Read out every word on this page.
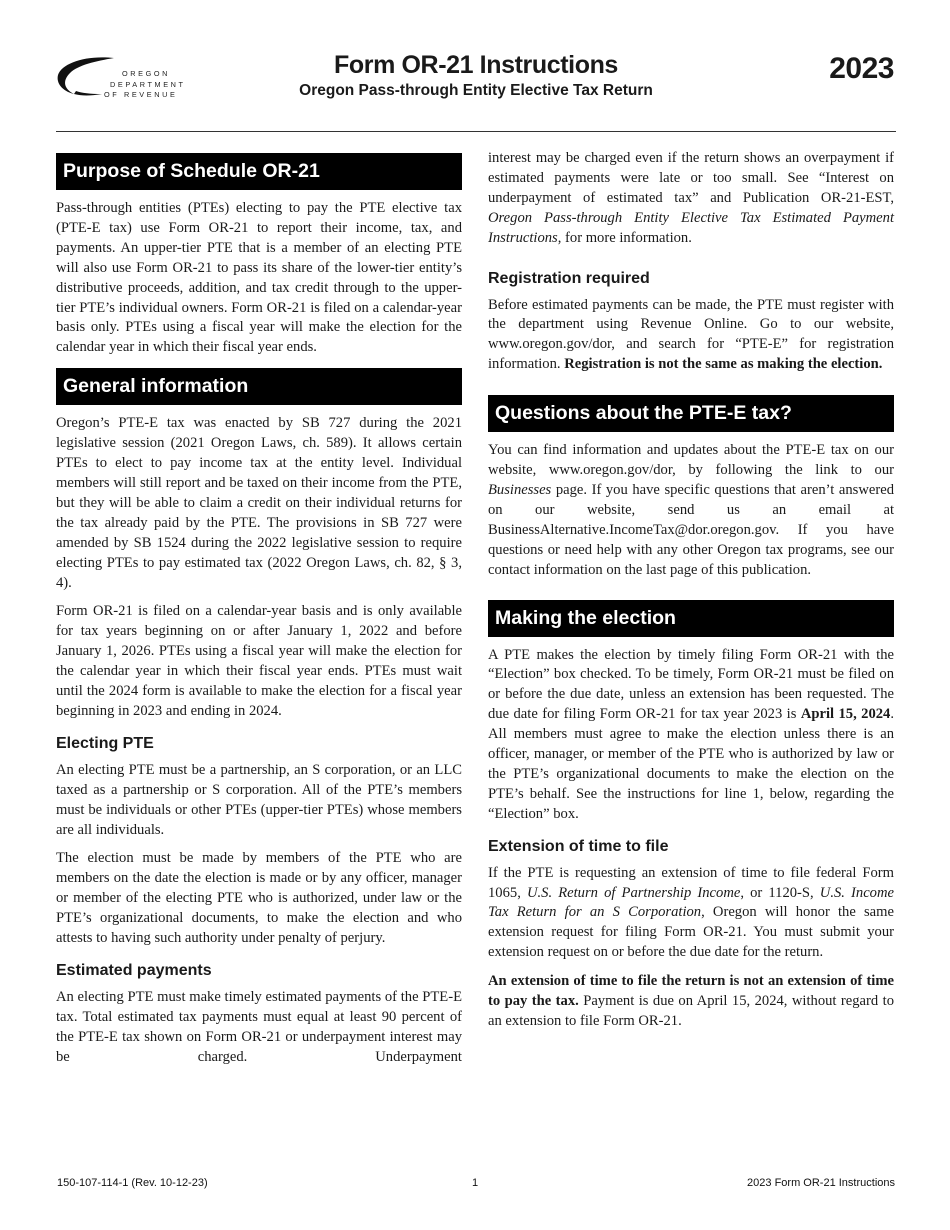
OREGON
DEPARTMENT
OF REVENUE
Form OR-21 Instructions
Oregon Pass-through Entity Elective Tax Return
2023
Purpose of Schedule OR-21

Pass-through entities (PTEs) electing to pay the PTE elective tax (PTE-E tax) use Form OR-21 to report their income, tax, and payments. An upper-tier PTE that is a member of an electing PTE will also use Form OR-21 to pass its share of the lower-tier entity’s distributive proceeds, addition, and tax credit through to the upper-tier PTE’s individual owners. Form OR-21 is filed on a calendar-year basis only. PTEs using a fiscal year will make the election for the calendar year in which their fiscal year ends.

General information

Oregon’s PTE-E tax was enacted by SB 727 during the 2021 legislative session (2021 Oregon Laws, ch. 589). It allows certain PTEs to elect to pay income tax at the entity level. Individual members will still report and be taxed on their income from the PTE, but they will be able to claim a credit on their individual returns for the tax already paid by the PTE. The provisions in SB 727 were amended by SB 1524 during the 2022 legislative session to require electing PTEs to pay estimated tax (2022 Oregon Laws, ch. 82, § 3, 4).

Form OR-21 is filed on a calendar-year basis and is only available for tax years beginning on or after January 1, 2022 and before January 1, 2026. PTEs using a fiscal year will make the election for the calendar year in which their fiscal year ends. PTEs must wait until the 2024 form is available to make the election for a fiscal year beginning in 2023 and ending in 2024.

Electing PTE

An electing PTE must be a partnership, an S corporation, or an LLC taxed as a partnership or S corporation. All of the PTE’s members must be individuals or other PTEs (upper-tier PTEs) whose members are all individuals.

The election must be made by members of the PTE who are members on the date the election is made or by any officer, manager or member of the electing PTE who is authorized, under law or the PTE’s organizational documents, to make the election and who attests to having such authority under penalty of perjury.

Estimated payments

An electing PTE must make timely estimated payments of the PTE-E tax. Total estimated tax payments must equal at least 90 percent of the PTE-E tax shown on Form OR-21 or underpayment interest may be charged. Underpayment

interest may be charged even if the return shows an overpayment if estimated payments were late or too small. See “Interest on underpayment of estimated tax” and Publication OR-21-EST, Oregon Pass-through Entity Elective Tax Estimated Payment Instructions, for more information.

Registration required

Before estimated payments can be made, the PTE must register with the department using Revenue Online. Go to our website, www.oregon.gov/dor, and search for “PTE-E” for registration information. Registration is not the same as making the election.

Questions about the PTE-E tax?

You can find information and updates about the PTE-E tax on our website, www.oregon.gov/dor, by following the link to our Businesses page. If you have specific questions that aren’t answered on our website, send us an email at BusinessAlternative.IncomeTax@dor.oregon.gov. If you have questions or need help with any other Oregon tax programs, see our contact information on the last page of this publication.

Making the election

A PTE makes the election by timely filing Form OR-21 with the “Election” box checked. To be timely, Form OR-21 must be filed on or before the due date, unless an extension has been requested. The due date for filing Form OR-21 for tax year 2023 is April 15, 2024. All members must agree to make the election unless there is an officer, manager, or member of the PTE who is authorized by law or the PTE’s organizational documents to make the election on the PTE’s behalf. See the instructions for line 1, below, regarding the “Election” box.

Extension of time to file

If the PTE is requesting an extension of time to file federal Form 1065, U.S. Return of Partnership Income, or 1120-S, U.S. Income Tax Return for an S Corporation, Oregon will honor the same extension request for filing Form OR-21. You must submit your extension request on or before the due date for the return.

An extension of time to file the return is not an extension of time to pay the tax. Payment is due on April 15, 2024, without regard to an extension to file Form OR-21.

150-107-114-1 (Rev. 10-12-23)	1	2023 Form OR-21 Instructions
